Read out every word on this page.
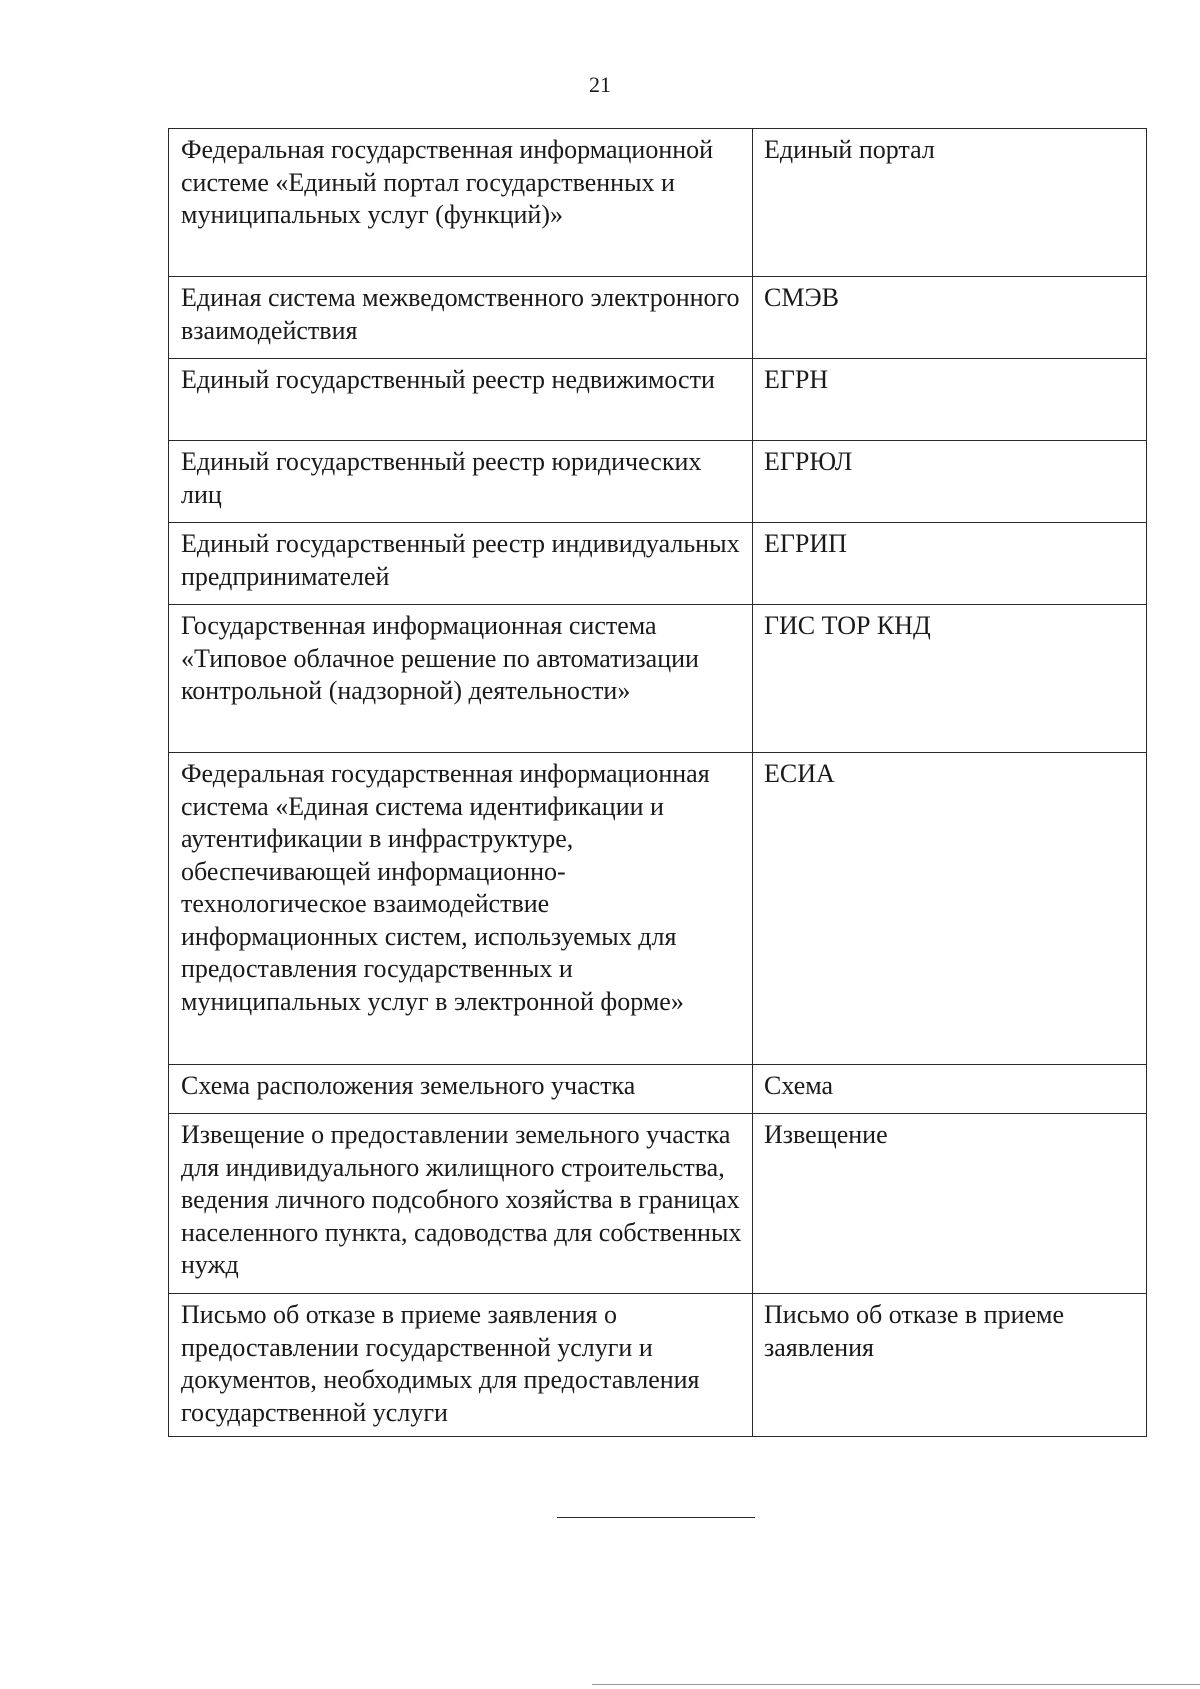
21
Федеральная государственная информационной системе «Единый портал государственных и муниципальных услуг (функций)»	Единый портал
Единая система межведомственного электронного взаимодействия	СМЭВ
Единый государственный реестр недвижимости	ЕГРН
Единый государственный реестр юридических лиц	ЕГРЮЛ
Единый государственный реестр индивидуальных предпринимателей	ЕГРИП
Государственная информационная система «Типовое облачное решение по автоматизации контрольной (надзорной) деятельности»	ГИС ТОР КНД
Федеральная государственная информационная система «Единая система идентификации и аутентификации в инфраструктуре, обеспечивающей информационно-технологическое взаимодействие информационных систем, используемых для предоставления государственных и муниципальных услуг в электронной форме»	ЕСИА
Схема расположения земельного участка	Схема
Извещение о предоставлении земельного участка для индивидуального жилищного строительства, ведения личного подсобного хозяйства в границах населенного пункта, садоводства для собственных нужд	Извещение
Письмо об отказе в приеме заявления о предоставлении государственной услуги и документов, необходимых для предоставления государственной услуги	Письмо об отказе в приеме заявления
